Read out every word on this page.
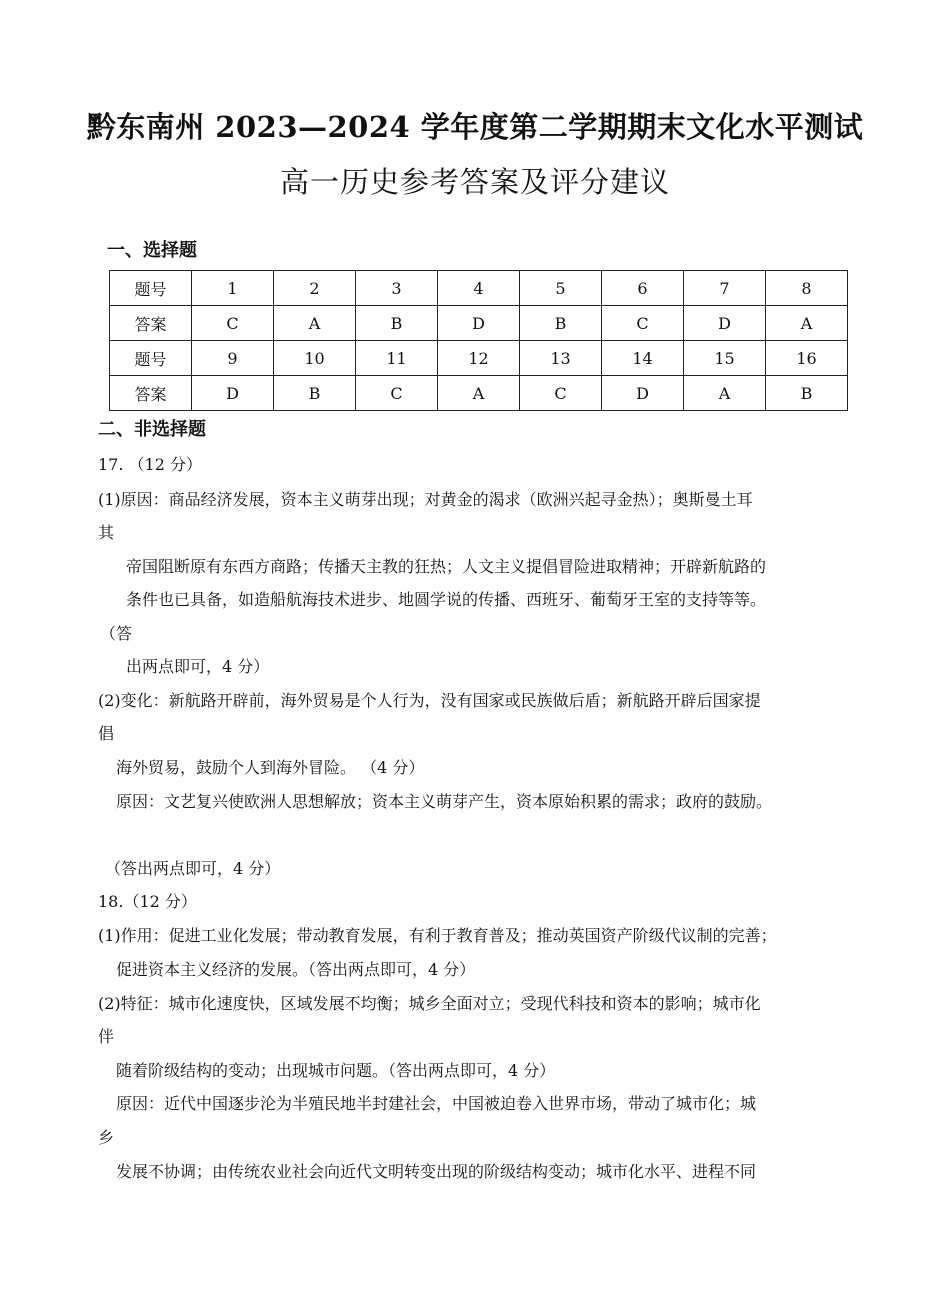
黔东南州 2023—2024 学年度第二学期期末文化水平测试
高一历史参考答案及评分建议
一、选择题
题号	1	2	3	4	5	6	7	8
答案	C	A	B	D	B	C	D	A
题号	9	10	11	12	13	14	15	16
答案	D	B	C	A	C	D	A	B
二、非选择题
17. （12 分）
(1)原因：商品经济发展，资本主义萌芽出现；对黄金的渴求（欧洲兴起寻金热）；奥斯曼土耳
其
帝国阻断原有东西方商路；传播天主教的狂热；人文主义提倡冒险进取精神；开辟新航路的
条件也已具备，如造船航海技术进步、地圆学说的传播、西班牙、葡萄牙王室的支持等等。
（答
出两点即可，4 分）
(2)变化：新航路开辟前，海外贸易是个人行为，没有国家或民族做后盾；新航路开辟后国家提
倡
海外贸易，鼓励个人到海外冒险。 （4 分）
原因：文艺复兴使欧洲人思想解放；资本主义萌芽产生，资本原始积累的需求；政府的鼓励。
（答出两点即可，4 分）
18.（12 分）
(1)作用：促进工业化发展；带动教育发展，有利于教育普及；推动英国资产阶级代议制的完善；
促进资本主义经济的发展。（答出两点即可，4 分）
(2)特征：城市化速度快，区域发展不均衡；城乡全面对立；受现代科技和资本的影响；城市化
伴
随着阶级结构的变动；出现城市问题。（答出两点即可，4 分）
原因：近代中国逐步沦为半殖民地半封建社会，中国被迫卷入世界市场，带动了城市化；城
乡
发展不协调；由传统农业社会向近代文明转变出现的阶级结构变动；城市化水平、进程不同
